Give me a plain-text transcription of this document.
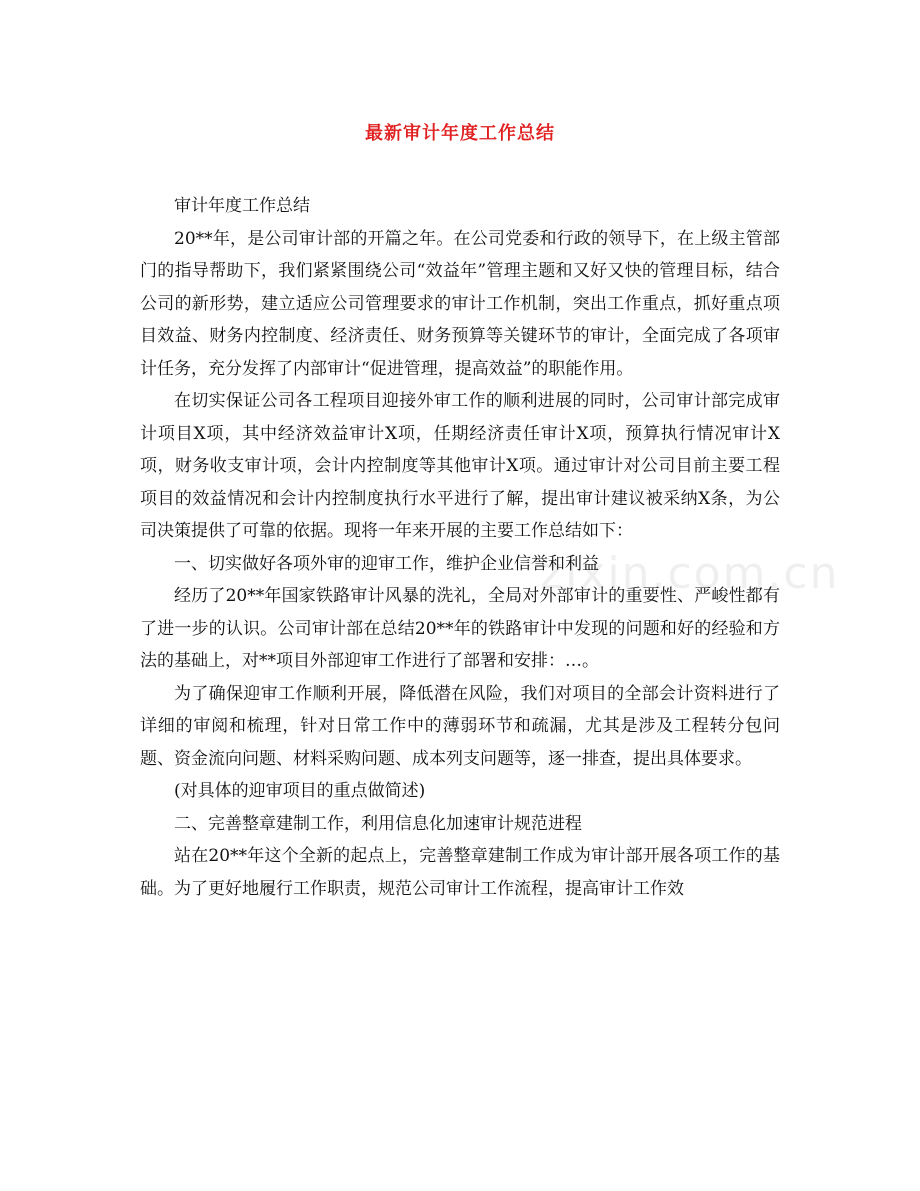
最新审计年度工作总结
zixin.com.cn

审计年度工作总结

20**年，是公司审计部的开篇之年。在公司党委和行政的领导下，在上级主管部门的指导帮助下，我们紧紧围绕公司“效益年”管理主题和又好又快的管理目标，结合公司的新形势，建立适应公司管理要求的审计工作机制，突出工作重点，抓好重点项目效益、财务内控制度、经济责任、财务预算等关键环节的审计，全面完成了各项审计任务，充分发挥了内部审计“促进管理，提高效益”的职能作用。

在切实保证公司各工程项目迎接外审工作的顺利进展的同时，公司审计部完成审计项目X项，其中经济效益审计X项，任期经济责任审计X项，预算执行情况审计X项，财务收支审计项，会计内控制度等其他审计X项。通过审计对公司目前主要工程项目的效益情况和会计内控制度执行水平进行了解，提出审计建议被采纳X条，为公司决策提供了可靠的依据。现将一年来开展的主要工作总结如下：

一、切实做好各项外审的迎审工作，维护企业信誉和利益

经历了20**年国家铁路审计风暴的洗礼，全局对外部审计的重要性、严峻性都有了进一步的认识。公司审计部在总结20**年的铁路审计中发现的问题和好的经验和方法的基础上，对**项目外部迎审工作进行了部署和安排：…。

为了确保迎审工作顺利开展，降低潜在风险，我们对项目的全部会计资料进行了详细的审阅和梳理，针对日常工作中的薄弱环节和疏漏，尤其是涉及工程转分包问题、资金流向问题、材料采购问题、成本列支问题等，逐一排查，提出具体要求。

(对具体的迎审项目的重点做简述)

二、完善整章建制工作，利用信息化加速审计规范进程

站在20**年这个全新的起点上，完善整章建制工作成为审计部开展各项工作的基础。为了更好地履行工作职责，规范公司审计工作流程，提高审计工作效
